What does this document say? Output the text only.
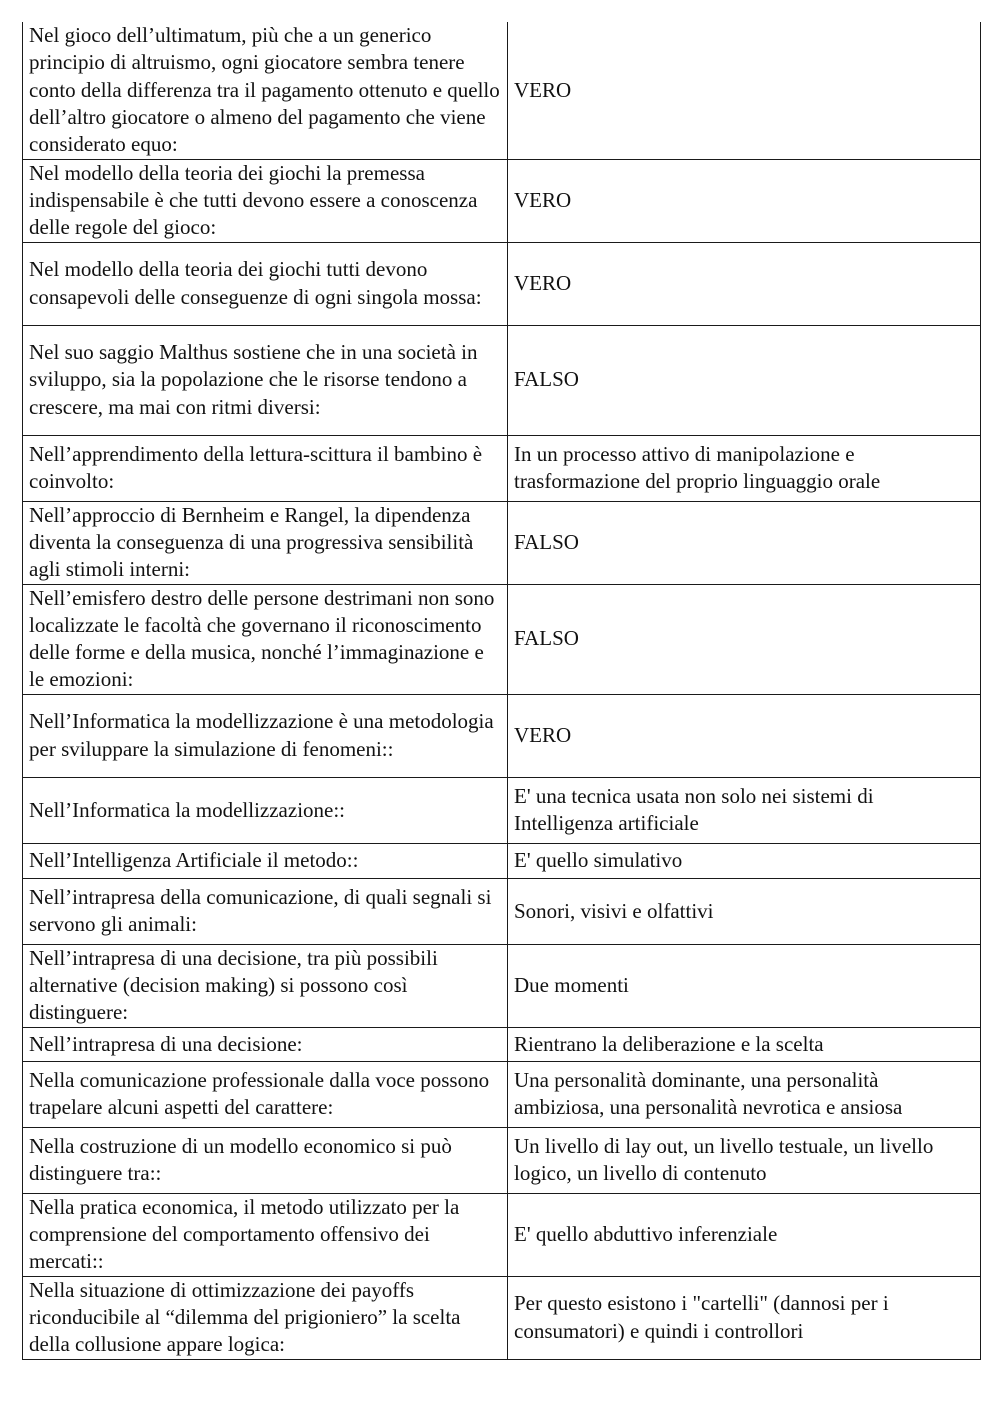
Nel gioco dell’ultimatum, più che a un generico principio di altruismo, ogni giocatore sembra tenere conto della differenza tra il pagamento ottenuto e quello dell’altro giocatore o almeno del pagamento che viene considerato equo:	VERO
Nel modello della teoria dei giochi la premessa indispensabile è che tutti devono essere a conoscenza delle regole del gioco:	VERO
Nel modello della teoria dei giochi tutti devono consapevoli delle conseguenze di ogni singola mossa:	VERO
Nel suo saggio Malthus sostiene che in una società in sviluppo, sia la popolazione che le risorse tendono a crescere, ma mai con ritmi diversi:	FALSO
Nell’apprendimento della lettura-scittura il bambino è coinvolto:	In un processo attivo di manipolazione e trasformazione del proprio linguaggio orale
Nell’approccio di Bernheim e Rangel, la dipendenza diventa la conseguenza di una progressiva sensibilità agli stimoli interni:	FALSO
Nell’emisfero destro delle persone destrimani non sono localizzate le facoltà che governano il riconoscimento delle forme e della musica, nonché l’immaginazione e le emozioni:	FALSO
Nell’Informatica la modellizzazione è una metodologia per sviluppare la simulazione di fenomeni::	VERO
Nell’Informatica la modellizzazione::	E' una tecnica usata non solo nei sistemi di Intelligenza artificiale
Nell’Intelligenza Artificiale il metodo::	E' quello simulativo
Nell’intrapresa della comunicazione, di quali segnali si servono gli animali:	Sonori, visivi e olfattivi
Nell’intrapresa di una decisione, tra più possibili alternative (decision making) si possono così distinguere:	Due momenti
Nell’intrapresa di una decisione:	Rientrano la deliberazione e la scelta
Nella comunicazione professionale dalla voce possono trapelare alcuni aspetti del carattere:	Una personalità dominante, una personalità ambiziosa, una personalità nevrotica e ansiosa
Nella costruzione di un modello economico si può distinguere tra::	Un livello di lay out, un livello testuale, un livello logico, un livello di contenuto
Nella pratica economica, il metodo utilizzato per la comprensione del comportamento offensivo dei mercati::	E' quello abduttivo inferenziale
Nella situazione di ottimizzazione dei payoffs riconducibile al “dilemma del prigioniero” la scelta della collusione appare logica:	Per questo esistono i "cartelli" (dannosi per i consumatori) e quindi i controllori
